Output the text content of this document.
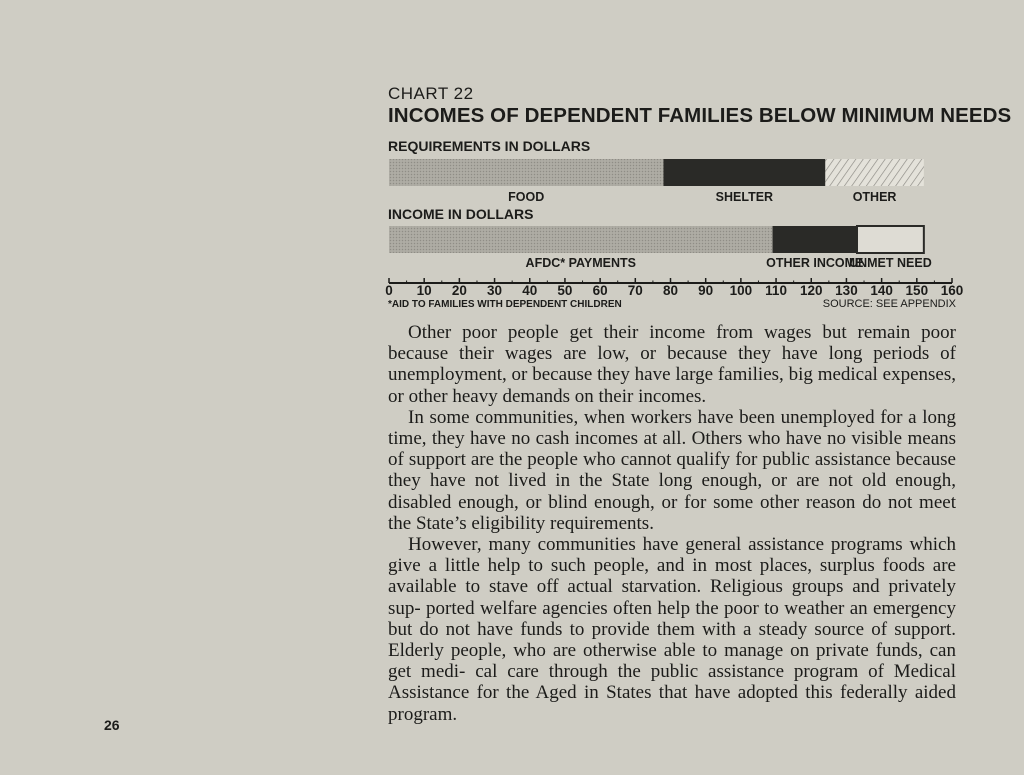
CHART 22
INCOMES OF DEPENDENT FAMILIES BELOW MINIMUM NEEDS
REQUIREMENTS IN DOLLARS
INCOME IN DOLLARS
0 10 20 30 40 50 60 70 80 90 100 110 120 130 140 150 160
FOOD	SHELTER	OTHER
AFDC* PAYMENTS	OTHER INCOME
UNMET NEED
*AID TO FAMILIES WITH DEPENDENT CHILDREN	SOURCE: SEE APPENDIX

Other poor people get their income from wages but remain poor because their wages are low, or because they have long periods of unemployment, or because they have large families, big medical expenses, or other heavy demands on their incomes.

In some communities, when workers have been unemployed for a long time, they have no cash incomes at all. Others who have no visible means of support are the people who cannot qualify for public assistance because they have not lived in the State long enough, or are not old enough, disabled enough, or blind enough, or for some other reason do not meet the State’s eligibility requirements.

However, many communities have general assistance programs which give a little help to such people, and in most places, surplus foods are available to stave off actual starvation. Religious groups and privately sup- ported welfare agencies often help the poor to weather an emergency but do not have funds to provide them with a steady source of support. Elderly people, who are otherwise able to manage on private funds, can get medi- cal care through the public assistance program of Medical Assistance for the Aged in States that have adopted this federally aided program.

26
